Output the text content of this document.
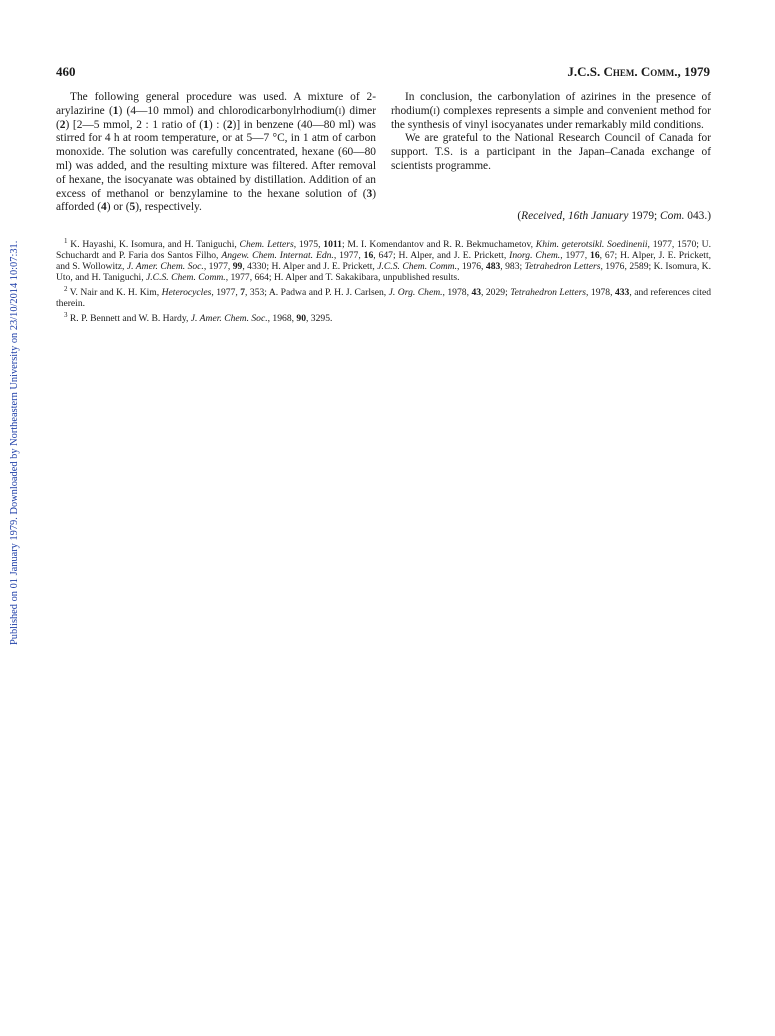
Published on 01 January 1979. Downloaded by Northeastern University on 23/10/2014 10:07:31.
460	J.C.S. Chem. Comm., 1979

The following general procedure was used. A mixture of 2-arylazirine (1) (4—10 mmol) and chlorodicarbonylrhodium(i) dimer (2) [2—5 mmol, 2 : 1 ratio of (1) : (2)] in benzene (40—80 ml) was stirred for 4 h at room temperature, or at 5—7 °C, in 1 atm of carbon monoxide. The solution was carefully concentrated, hexane (60—80 ml) was added, and the resulting mixture was filtered. After removal of hexane, the isocyanate was obtained by distillation. Addition of an excess of methanol or benzylamine to the hexane solution of (3) afforded (4) or (5), respectively.

In conclusion, the carbonylation of azirines in the presence of rhodium(i) complexes represents a simple and convenient method for the synthesis of vinyl isocyanates under remarkably mild conditions.

We are grateful to the National Research Council of Canada for support. T.S. is a participant in the Japan–Canada exchange of scientists programme.

(Received, 16th January 1979; Com. 043.)

$^1$ K. Hayashi, K. Isomura, and H. Taniguchi, Chem. Letters, 1975, 1011; M. I. Komendantov and R. R. Bekmuchametov, Khim. geterotsikl. Soedinenii, 1977, 1570; U. Schuchardt and P. Faria dos Santos Filho, Angew. Chem. Internat. Edn., 1977, 16, 647; H. Alper, and J. E. Prickett, Inorg. Chem., 1977, 16, 67; H. Alper, J. E. Prickett, and S. Wollowitz, J. Amer. Chem. Soc., 1977, 99, 4330; H. Alper and J. E. Prickett, J.C.S. Chem. Comm., 1976, 483, 983; Tetrahedron Letters, 1976, 2589; K. Isomura, K. Uto, and H. Taniguchi, J.C.S. Chem. Comm., 1977, 664; H. Alper and T. Sakakibara, unpublished results.

$^2$ V. Nair and K. H. Kim, Heterocycles, 1977, 7, 353; A. Padwa and P. H. J. Carlsen, J. Org. Chem., 1978, 43, 2029; Tetrahedron Letters, 1978, 433, and references cited therein.

$^3$ R. P. Bennett and W. B. Hardy, J. Amer. Chem. Soc., 1968, 90, 3295.
